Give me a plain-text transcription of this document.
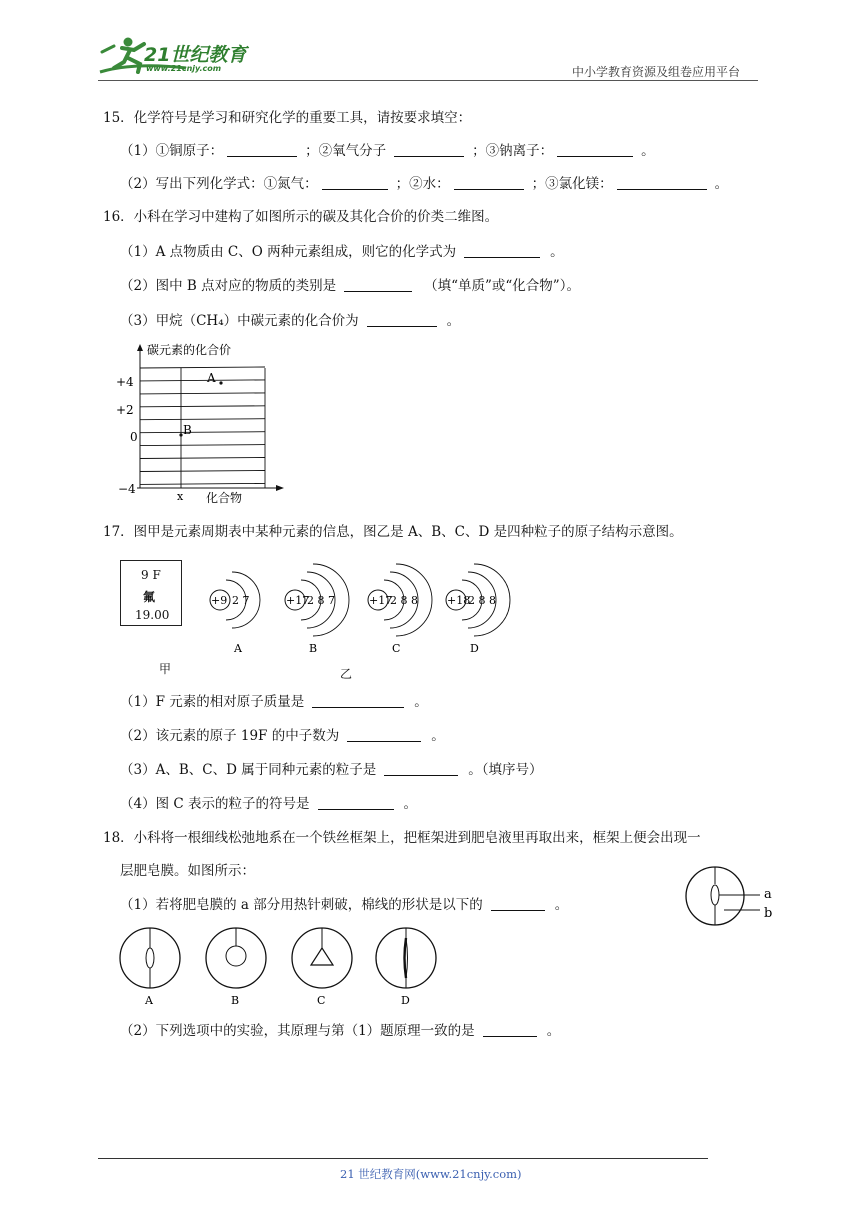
21世纪教育
www.21cnjy.com	中小学教育资源及组卷应用平台
15．化学符号是学习和研究化学的重要工具，请按要求填空：
（1）①铜原子：	；②氧气分子	；③钠离子：	。
（2）写出下列化学式：①氮气：	；②水：	；③氯化镁：	。
16．小科在学习中建构了如图所示的碳及其化合价的价类二维图。
（1）A 点物质由 C、O 两种元素组成，则它的化学式为	。
（2）图中 B 点对应的物质的类别是	（填“单质”或“化合物”）。
（3）甲烷（CH₄）中碳元素的化合价为	。
碳元素的化合价
+4
+2
0
−4
x 化合物
A
B
17．图甲是元素周期表中某种元素的信息，图乙是 A、B、C、D 是四种粒子的原子结构示意图。
9 F
氟
19.00
甲	乙
+9 2 7
A
+17
2 8 7
B
+17
2 8 8
C
+18
2 8 8
D
（1）F 元素的相对原子质量是	。
（2）该元素的原子 19F 的中子数为	。
（3）A、B、C、D 属于同种元素的粒子是	。（填序号）
（4）图 C 表示的粒子的符号是	。
18．小科将一根细线松弛地系在一个铁丝框架上，把框架进到肥皂液里再取出来，框架上便会出现一
层肥皂膜。如图所示：
a
b
（1）若将肥皂膜的 a 部分用热针刺破，棉线的形状是以下的	。
A	B	C	D
（2）下列选项中的实验，其原理与第（1）题原理一致的是	。
21 世纪教育网(www.21cnjy.com)
